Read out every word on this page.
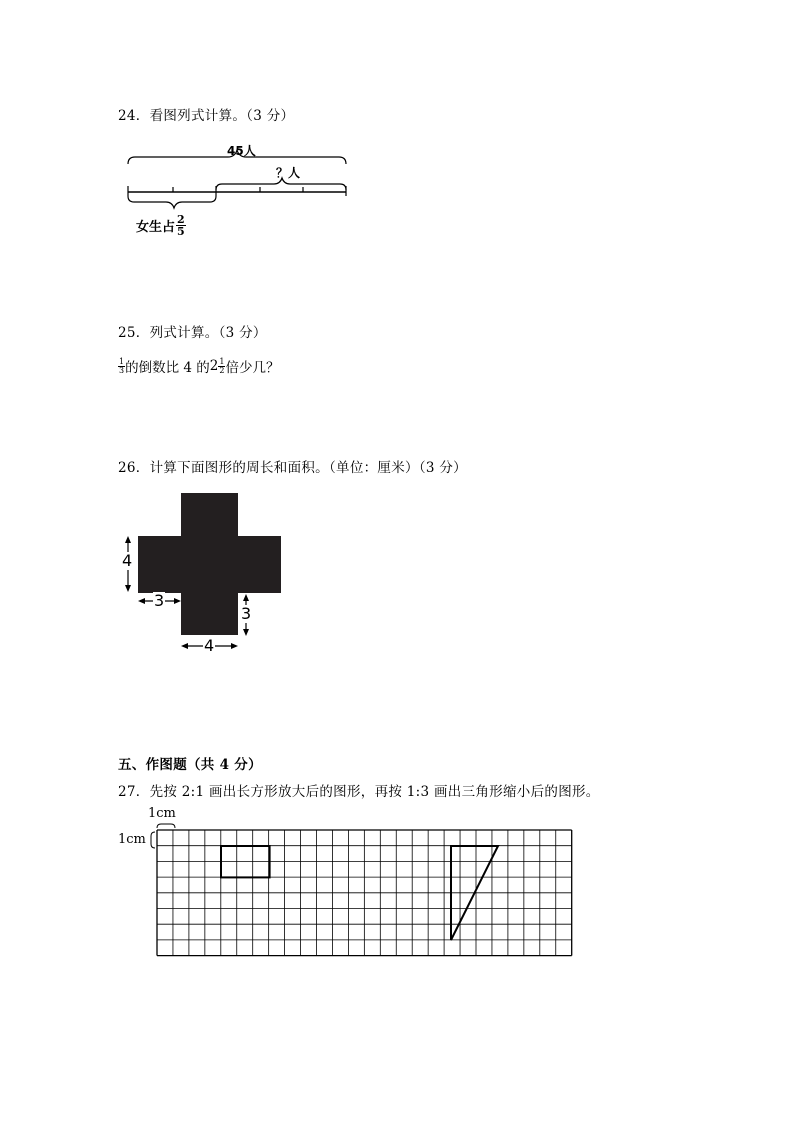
24．看图列式计算。（3 分）
45人
？人
女生占 $\frac{2}{5}$
25．列式计算。（3 分）
$\frac{1}{3}$ 的倒数比 4 的 $2 \frac{1}{2}$ 倍少几？
26．计算下面图形的周长和面积。（单位：厘米）（3 分）
4
3
3
4
五、作图题（共 4 分）
27．先按 2:1 画出长方形放大后的图形，再按 1:3 画出三角形缩小后的图形。
1cm
1cm
